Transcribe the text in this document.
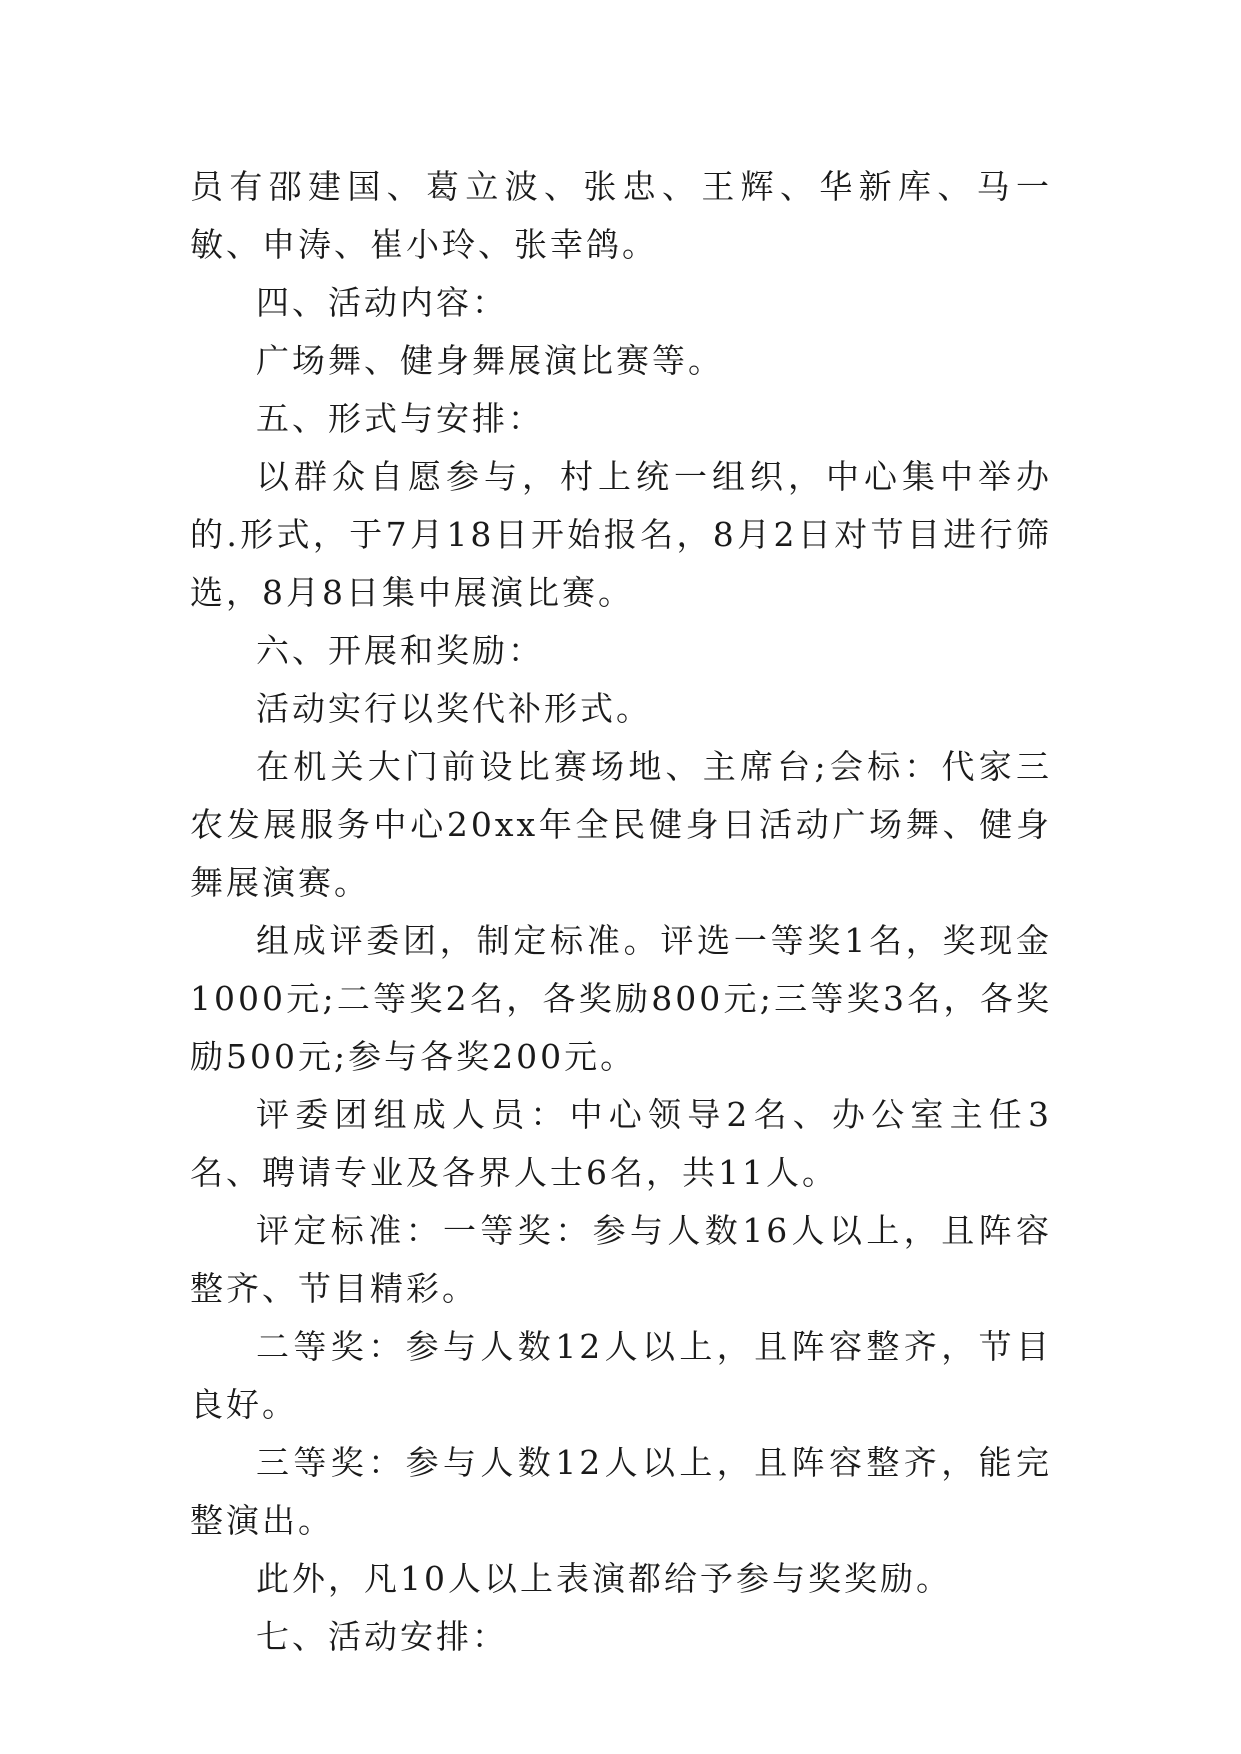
员有邵建国、葛立波、张忠、王辉、华新库、马一敏、申涛、崔小玲、张幸鸽。

四、活动内容：

广场舞、健身舞展演比赛等。

五、形式与安排：

以群众自愿参与，村上统一组织，中心集中举办的.形式，于7月18日开始报名，8月2日对节目进行筛选，8月8日集中展演比赛。

六、开展和奖励：

活动实行以奖代补形式。

在机关大门前设比赛场地、主席台;会标：代家三农发展服务中心20xx年全民健身日活动广场舞、健身舞展演赛。

组成评委团，制定标准。评选一等奖1名，奖现金1000元;二等奖2名，各奖励800元;三等奖3名，各奖励500元;参与各奖200元。

评委团组成人员：中心领导2名、办公室主任3名、聘请专业及各界人士6名，共11人。

评定标准：一等奖：参与人数16人以上，且阵容整齐、节目精彩。

二等奖：参与人数12人以上，且阵容整齐，节目良好。

三等奖：参与人数12人以上，且阵容整齐，能完整演出。

此外，凡10人以上表演都给予参与奖奖励。

七、活动安排：
